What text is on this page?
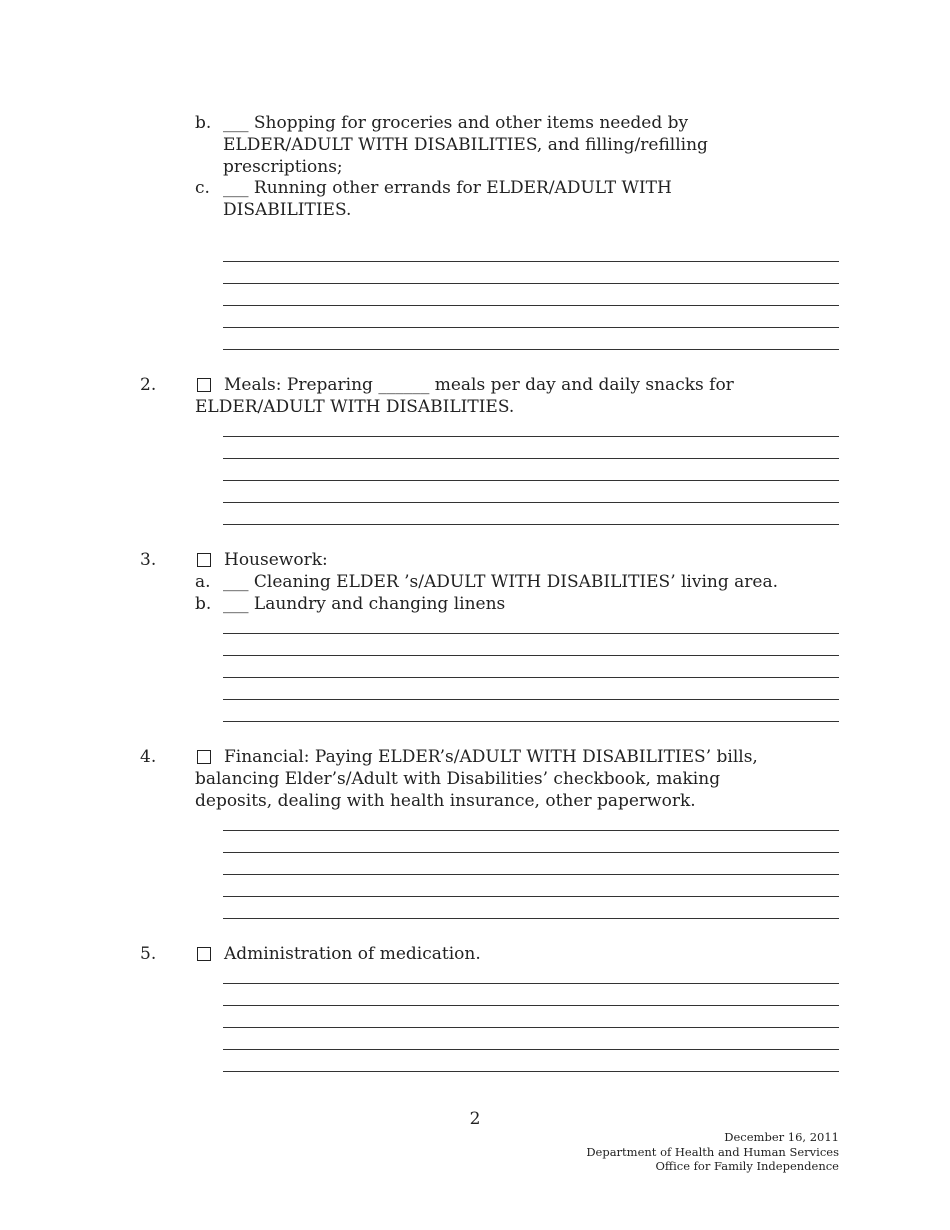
b. ___ Shopping for groceries and other items needed by
ELDER/ADULT WITH DISABILITIES, and filling/refilling
prescriptions;
c. ___ Running other errands for ELDER/ADULT WITH
DISABILITIES.
2.	Meals: Preparing ______ meals per day and daily snacks for
ELDER/ADULT WITH DISABILITIES.
3.	Housework:
a. ___ Cleaning ELDER ’s/ADULT WITH DISABILITIES’ living area.
b. ___ Laundry and changing linens
4.	Financial: Paying ELDER’s/ADULT WITH DISABILITIES’ bills,
balancing Elder’s/Adult with Disabilities’ checkbook, making
deposits, dealing with health insurance, other paperwork.
5.	Administration of medication.
2
December 16, 2011
Department of Health and Human Services
Office for Family Independence
